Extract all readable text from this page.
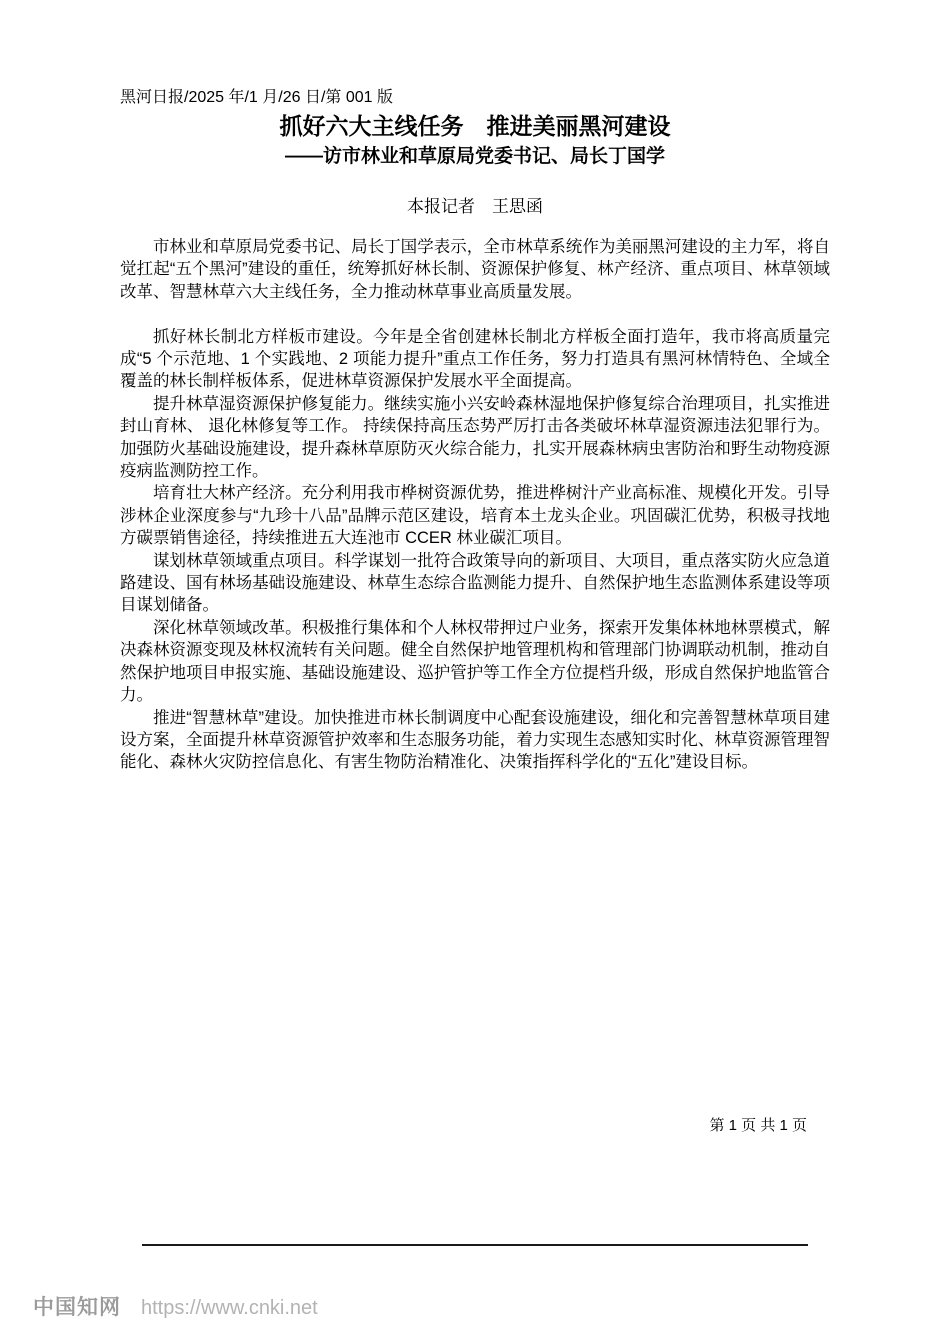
黑河日报/2025 年/1 月/26 日/第 001 版
抓好六大主线任务　推进美丽黑河建设
——访市林业和草原局党委书记、局长丁国学
本报记者　王思函

市林业和草原局党委书记、局长丁国学表示，全市林草系统作为美丽黑河建设的主力军，将自觉扛起“五个黑河”建设的重任，统筹抓好林长制、资源保护修复、林产经济、重点项目、林草领域改革、智慧林草六大主线任务，全力推动林草事业高质量发展。

抓好林长制北方样板市建设。今年是全省创建林长制北方样板全面打造年，我市将高质量完成“5 个示范地、1 个实践地、2 项能力提升”重点工作任务，努力打造具有黑河林情特色、全域全覆盖的林长制样板体系，促进林草资源保护发展水平全面提高。

提升林草湿资源保护修复能力。继续实施小兴安岭森林湿地保护修复综合治理项目，扎实推进封山育林、 退化林修复等工作。 持续保持高压态势严厉打击各类破坏林草湿资源违法犯罪行为。加强防火基础设施建设，提升森林草原防灭火综合能力，扎实开展森林病虫害防治和野生动物疫源疫病监测防控工作。

培育壮大林产经济。充分利用我市桦树资源优势，推进桦树汁产业高标准、规模化开发。引导涉林企业深度参与“九珍十八品”品牌示范区建设，培育本土龙头企业。巩固碳汇优势，积极寻找地方碳票销售途径，持续推进五大连池市 CCER 林业碳汇项目。

谋划林草领域重点项目。科学谋划一批符合政策导向的新项目、大项目，重点落实防火应急道路建设、国有林场基础设施建设、林草生态综合监测能力提升、自然保护地生态监测体系建设等项目谋划储备。

深化林草领域改革。积极推行集体和个人林权带押过户业务，探索开发集体林地林票模式，解决森林资源变现及林权流转有关问题。健全自然保护地管理机构和管理部门协调联动机制，推动自然保护地项目申报实施、基础设施建设、巡护管护等工作全方位提档升级，形成自然保护地监管合力。

推进“智慧林草”建设。加快推进市林长制调度中心配套设施建设，细化和完善智慧林草项目建设方案，全面提升林草资源管护效率和生态服务功能，着力实现生态感知实时化、林草资源管理智能化、森林火灾防控信息化、有害生物防治精准化、决策指挥科学化的“五化”建设目标。

第 1 页 共 1 页
中国知网 https://www.cnki.net
